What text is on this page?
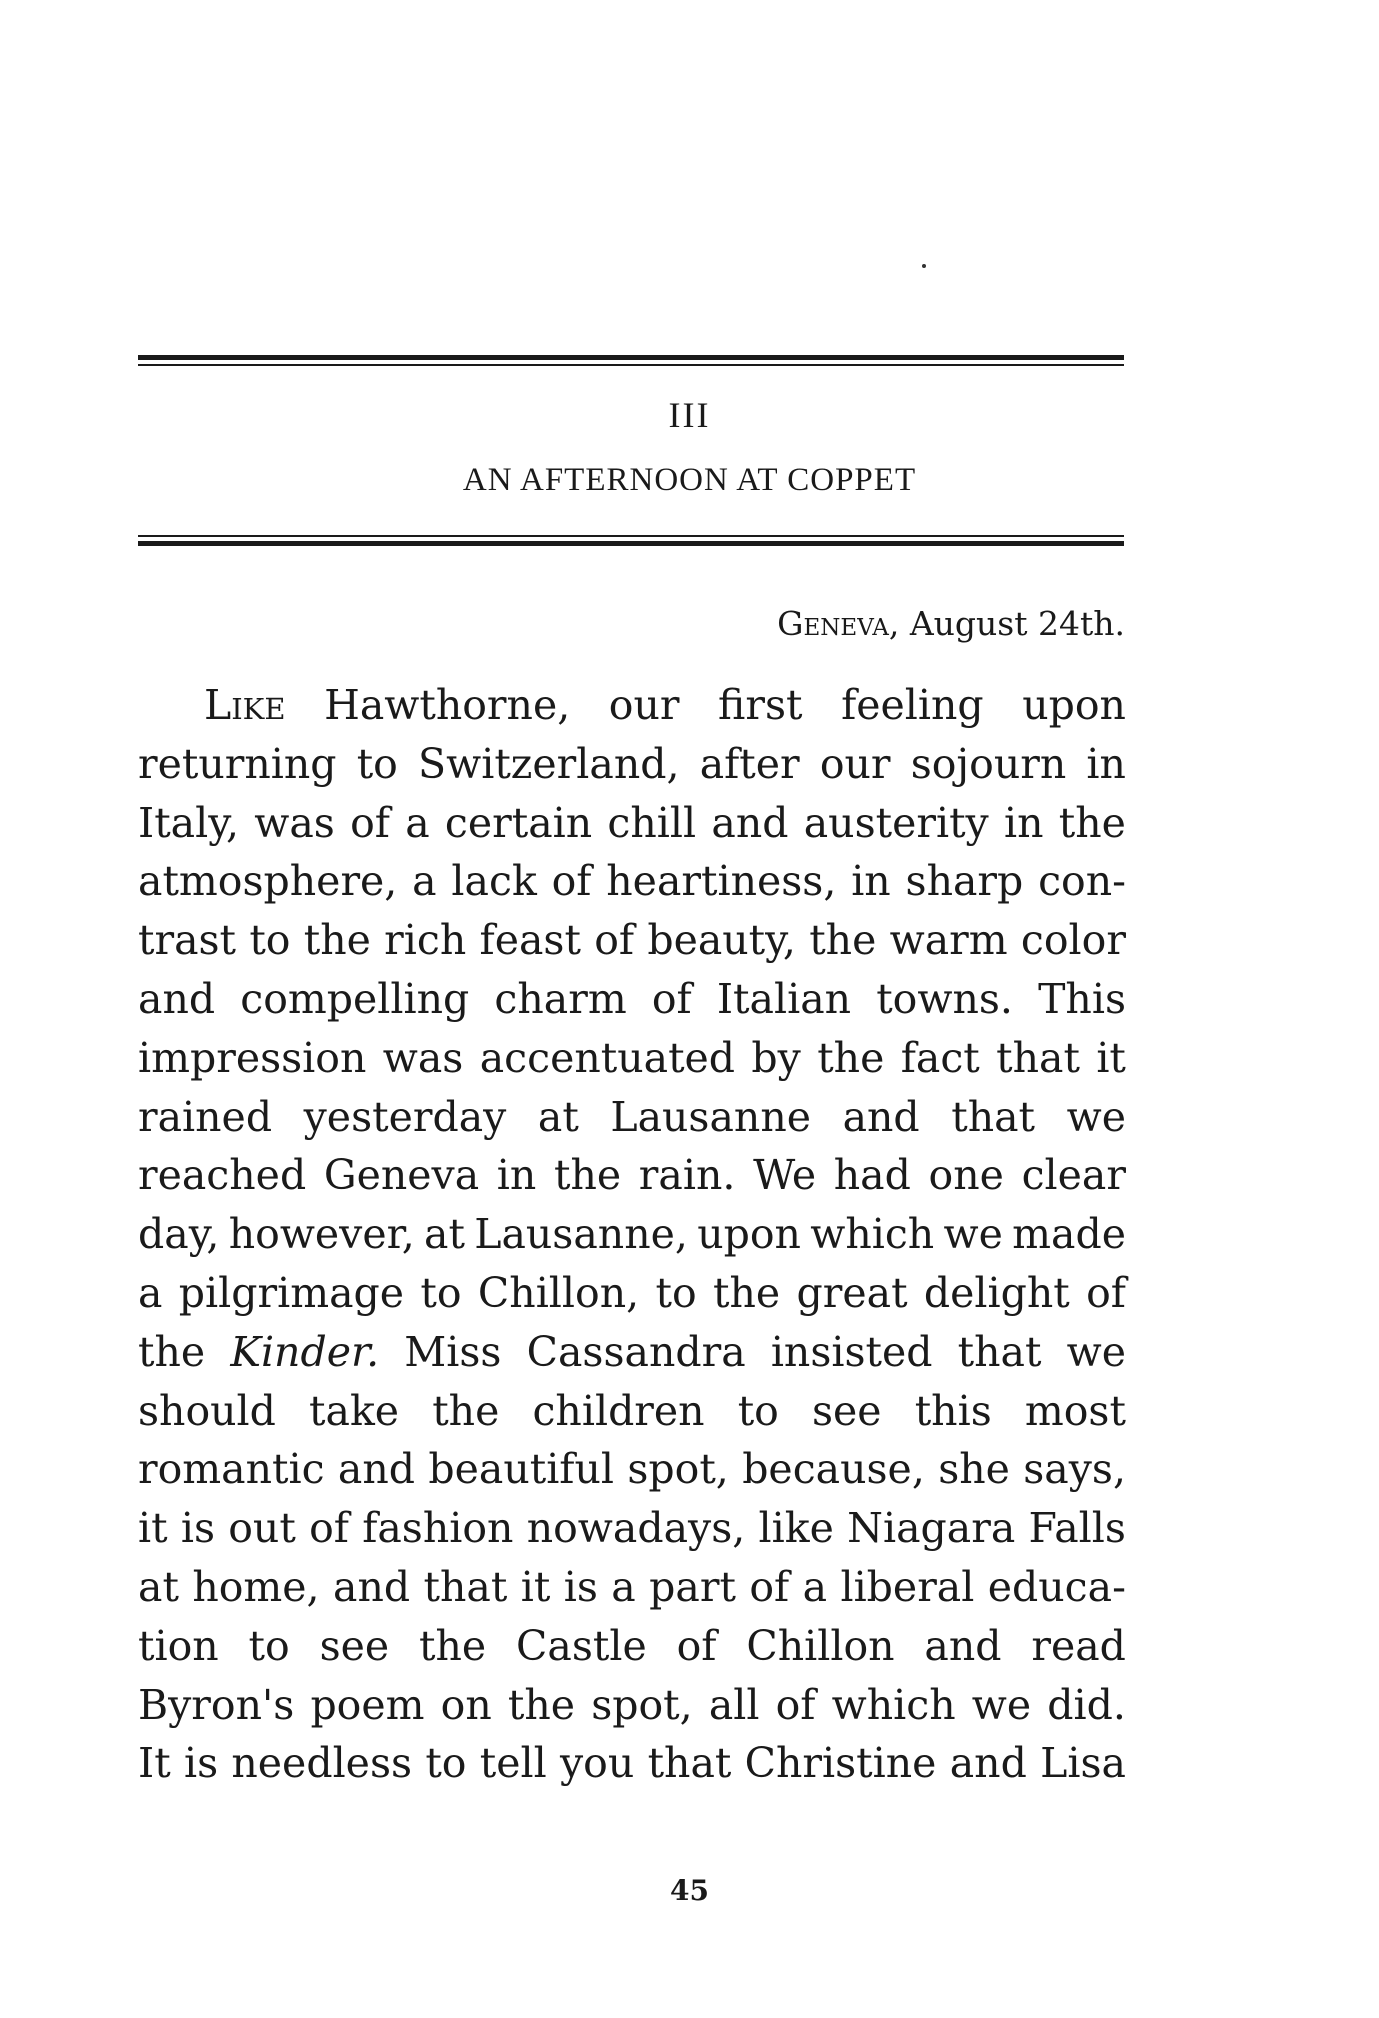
III
AN AFTERNOON AT COPPET
Geneva, August 24th.
Like Hawthorne, our first feeling upon
returning to Switzerland, after our sojourn in
Italy, was of a certain chill and austerity in the
atmosphere, a lack of heartiness, in sharp con-
trast to the rich feast of beauty, the warm color
and compelling charm of Italian towns. This
impression was accentuated by the fact that it
rained yesterday at Lausanne and that we
reached Geneva in the rain. We had one clear
day, however, at Lausanne, upon which we made
a pilgrimage to Chillon, to the great delight of
the Kinder. Miss Cassandra insisted that we
should take the children to see this most
romantic and beautiful spot, because, she says,
it is out of fashion nowadays, like Niagara Falls
at home, and that it is a part of a liberal educa-
tion to see the Castle of Chillon and read
Byron's poem on the spot, all of which we did.
It is needless to tell you that Christine and Lisa
45
